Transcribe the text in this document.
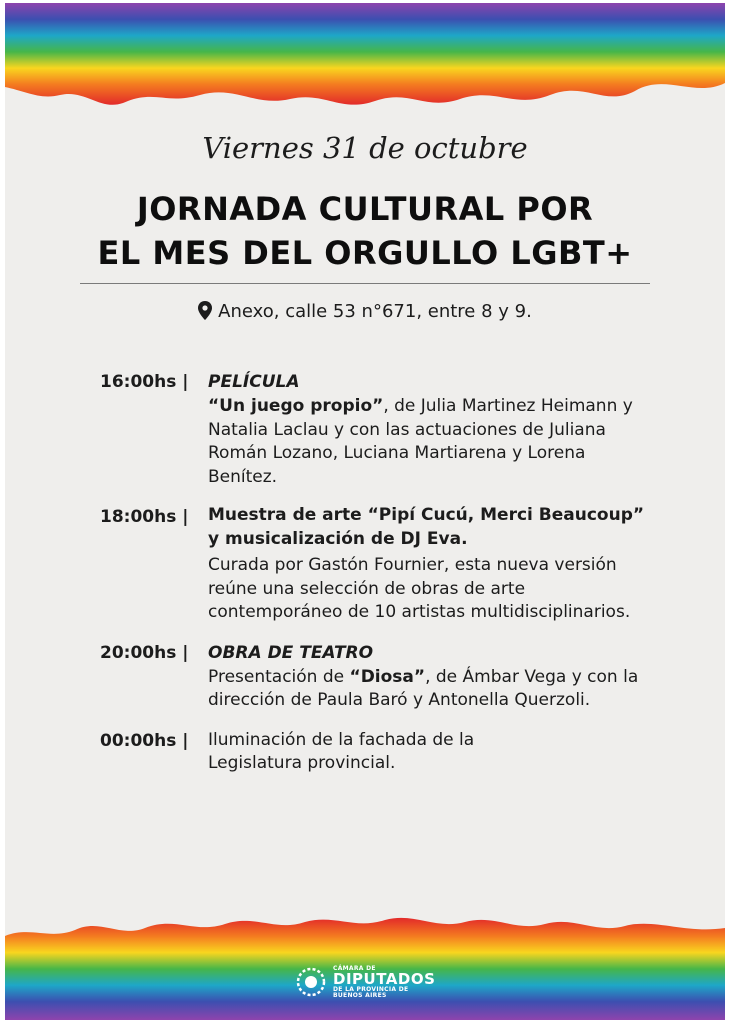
Viernes 31 de octubre
JORNADA CULTURAL POR
EL MES DEL ORGULLO LGBT+
Anexo, calle 53 n°671, entre 8 y 9.
16:00hs |	PELÍCULA
“Un juego propio”, de Julia Martinez Heimann y Natalia Laclau y con las actuaciones de Juliana Román Lozano, Luciana Martiarena y Lorena Benítez.
18:00hs |	Muestra de arte “Pipí Cucú, Merci Beaucoup” y musicalización de DJ Eva.
Curada por Gastón Fournier, esta nueva versión reúne una selección de obras de arte contemporáneo de 10 artistas multidisciplinarios.
20:00hs |	OBRA DE TEATRO
Presentación de “Diosa”, de Ámbar Vega y con la dirección de Paula Baró y Antonella Querzoli.
00:00hs |	Iluminación de la fachada de la Legislatura provincial.
CÁMARA DE
DIPUTADOS
DE LA PROVINCIA DE
BUENOS AIRES
